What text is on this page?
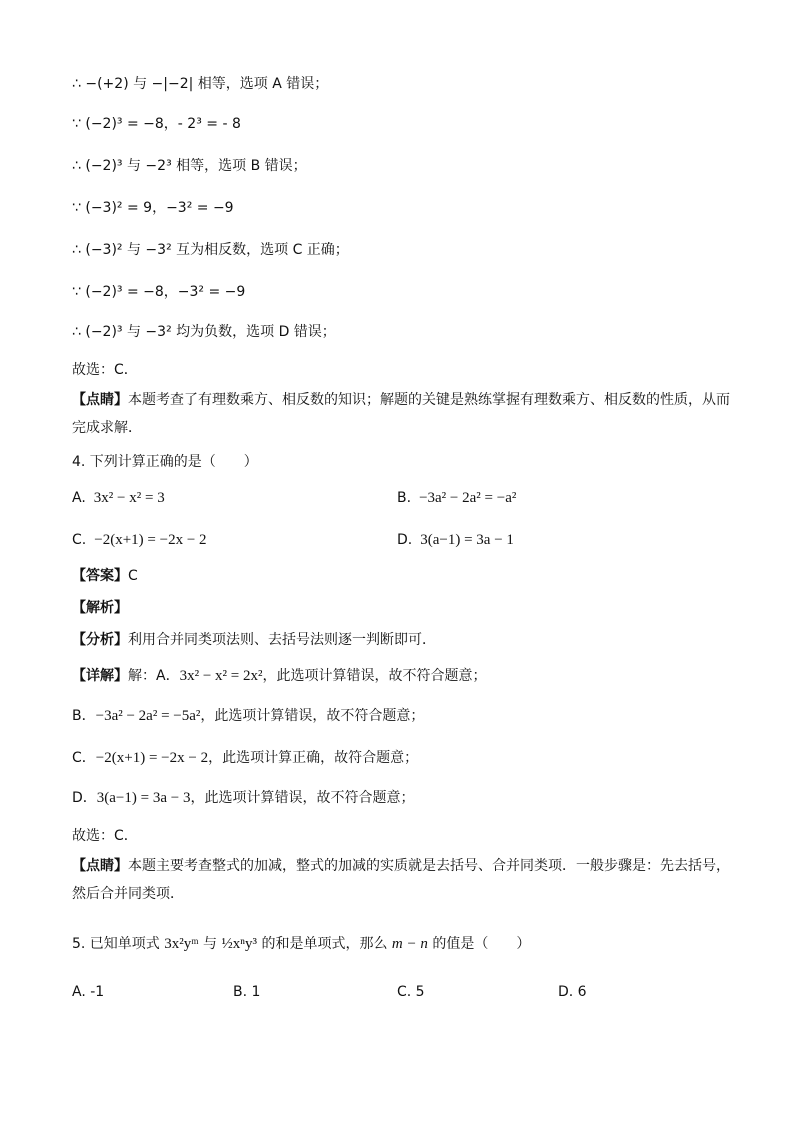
∴ −(+2) 与 −|−2| 相等，选项 A 错误；
∵ (−2)³ = −8，- 2³ = - 8
∴ (−2)³ 与 −2³ 相等，选项 B 错误；
∵ (−3)² = 9，−3² = −9
∴ (−3)² 与 −3² 互为相反数，选项 C 正确；
∵ (−2)³ = −8，−3² = −9
∴ (−2)³ 与 −3² 均为负数，选项 D 错误；
故选：C．
【点睛】本题考查了有理数乘方、相反数的知识；解题的关键是熟练掌握有理数乘方、相反数的性质，从而完成求解．
4. 下列计算正确的是（　　）
A. 3x² − x² = 3	B. −3a² − 2a² = −a²
C. −2(x+1) = −2x − 2	D. 3(a−1) = 3a − 1
【答案】C
【解析】
【分析】利用合并同类项法则、去括号法则逐一判断即可．
【详解】解：A．3x² − x² = 2x²，此选项计算错误，故不符合题意；
B．−3a² − 2a² = −5a²，此选项计算错误，故不符合题意；
C．−2(x+1) = −2x − 2，此选项计算正确，故符合题意；
D．3(a−1) = 3a − 3，此选项计算错误，故不符合题意；
故选：C．
【点睛】本题主要考查整式的加减，整式的加减的实质就是去括号、合并同类项．一般步骤是：先去括号，然后合并同类项．
5. 已知单项式 3x²yᵐ 与 ½xⁿy³ 的和是单项式，那么 m − n 的值是（　　）
A. -1	B. 1	C. 5	D. 6
